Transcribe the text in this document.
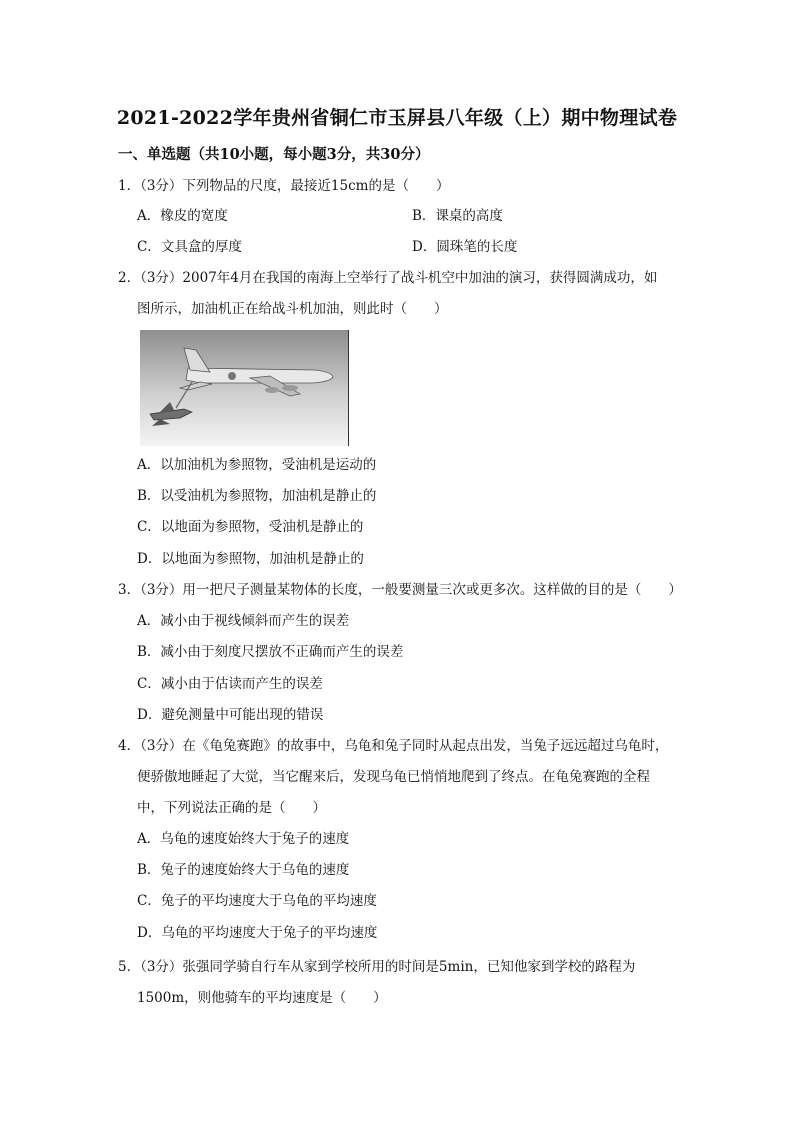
2021-2022学年贵州省铜仁市玉屏县八年级（上）期中物理试卷
一、单选题（共10小题，每小题3分，共30分）
1．（3分）下列物品的尺度，最接近15cm的是（　　）
A．橡皮的宽度	B．课桌的高度
C．文具盒的厚度	D．圆珠笔的长度
2．（3分）2007年4月在我国的南海上空举行了战斗机空中加油的演习，获得圆满成功，如
图所示，加油机正在给战斗机加油，则此时（　　）
A．以加油机为参照物，受油机是运动的
B．以受油机为参照物，加油机是静止的
C．以地面为参照物，受油机是静止的
D．以地面为参照物，加油机是静止的
3．（3分）用一把尺子测量某物体的长度，一般要测量三次或更多次。这样做的目的是（　　）
A．减小由于视线倾斜而产生的误差
B．减小由于刻度尺摆放不正确而产生的误差
C．减小由于估读而产生的误差
D．避免测量中可能出现的错误
4．（3分）在《龟兔赛跑》的故事中，乌龟和兔子同时从起点出发，当兔子远远超过乌龟时，
便骄傲地睡起了大觉，当它醒来后，发现乌龟已悄悄地爬到了终点。在龟兔赛跑的全程
中，下列说法正确的是（　　）
A．乌龟的速度始终大于兔子的速度
B．兔子的速度始终大于乌龟的速度
C．兔子的平均速度大于乌龟的平均速度
D．乌龟的平均速度大于兔子的平均速度
5．（3分）张强同学骑自行车从家到学校所用的时间是5min，已知他家到学校的路程为
1500m，则他骑车的平均速度是（　　）
